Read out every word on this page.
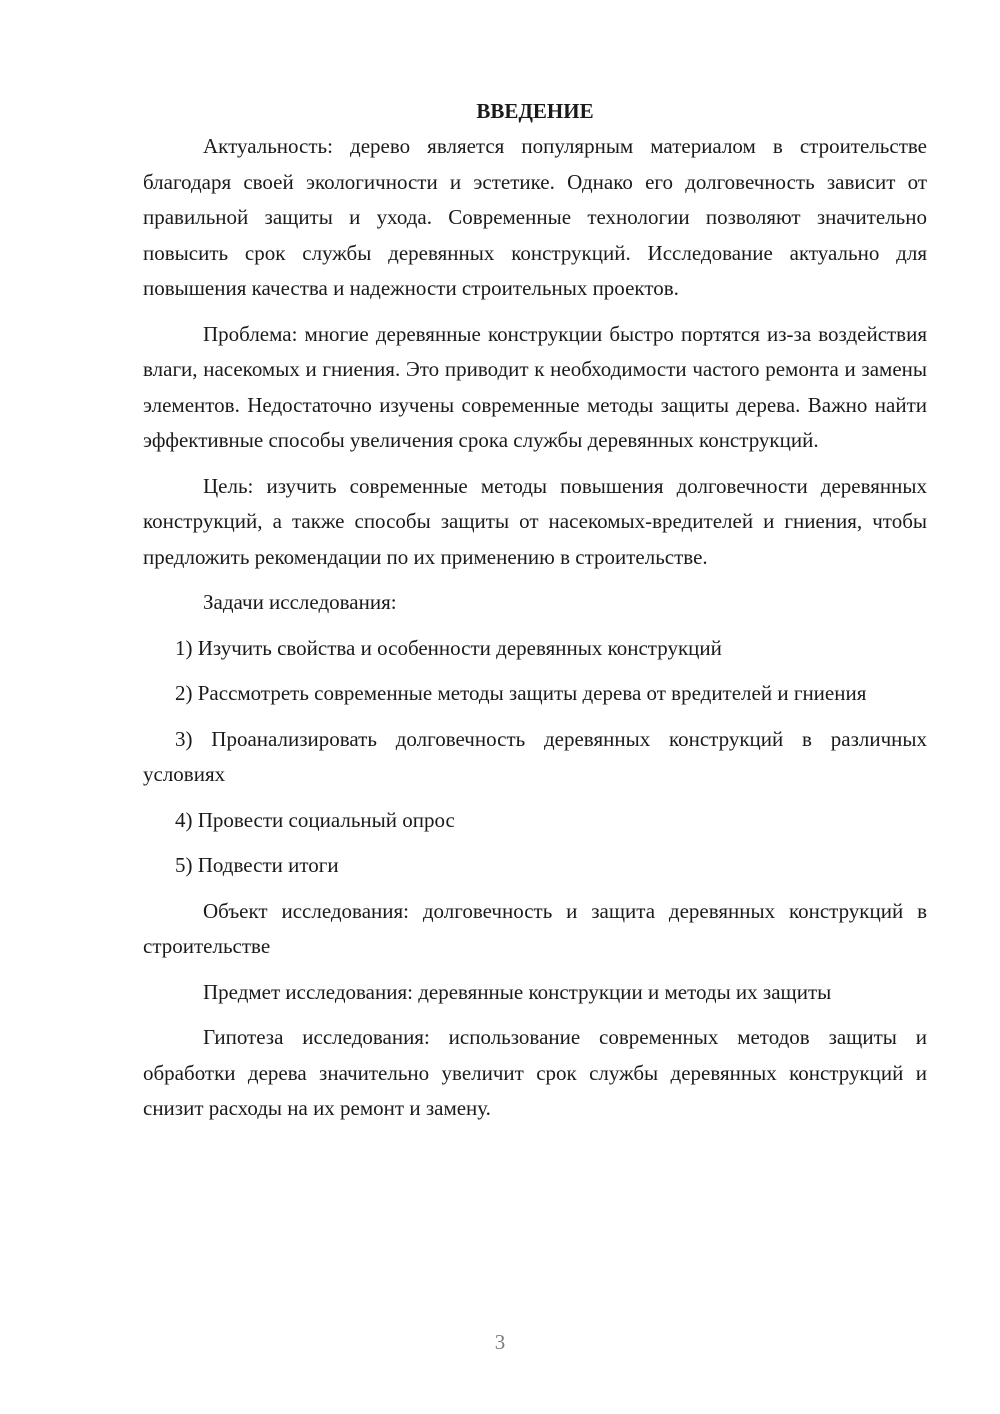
ВВЕДЕНИЕ

Актуальность: дерево является популярным материалом в строительстве благодаря своей экологичности и эстетике. Однако его долговечность зависит от правильной защиты и ухода. Современные технологии позволяют значительно повысить срок службы деревянных конструкций. Исследование актуально для повышения качества и надежности строительных проектов.

Проблема: многие деревянные конструкции быстро портятся из-за воздействия влаги, насекомых и гниения. Это приводит к необходимости частого ремонта и замены элементов. Недостаточно изучены современные методы защиты дерева. Важно найти эффективные способы увеличения срока службы деревянных конструкций.

Цель: изучить современные методы повышения долговечности деревянных конструкций, а также способы защиты от насекомых-вредителей и гниения, чтобы предложить рекомендации по их применению в строительстве.

Задачи исследования:

1) Изучить свойства и особенности деревянных конструкций

2) Рассмотреть современные методы защиты дерева от вредителей и гниения

3) Проанализировать долговечность деревянных конструкций в различных условиях

4) Провести социальный опрос

5) Подвести итоги

Объект исследования: долговечность и защита деревянных конструкций в строительстве

Предмет исследования: деревянные конструкции и методы их защиты

Гипотеза исследования: использование современных методов защиты и обработки дерева значительно увеличит срок службы деревянных конструкций и снизит расходы на их ремонт и замену.

3
